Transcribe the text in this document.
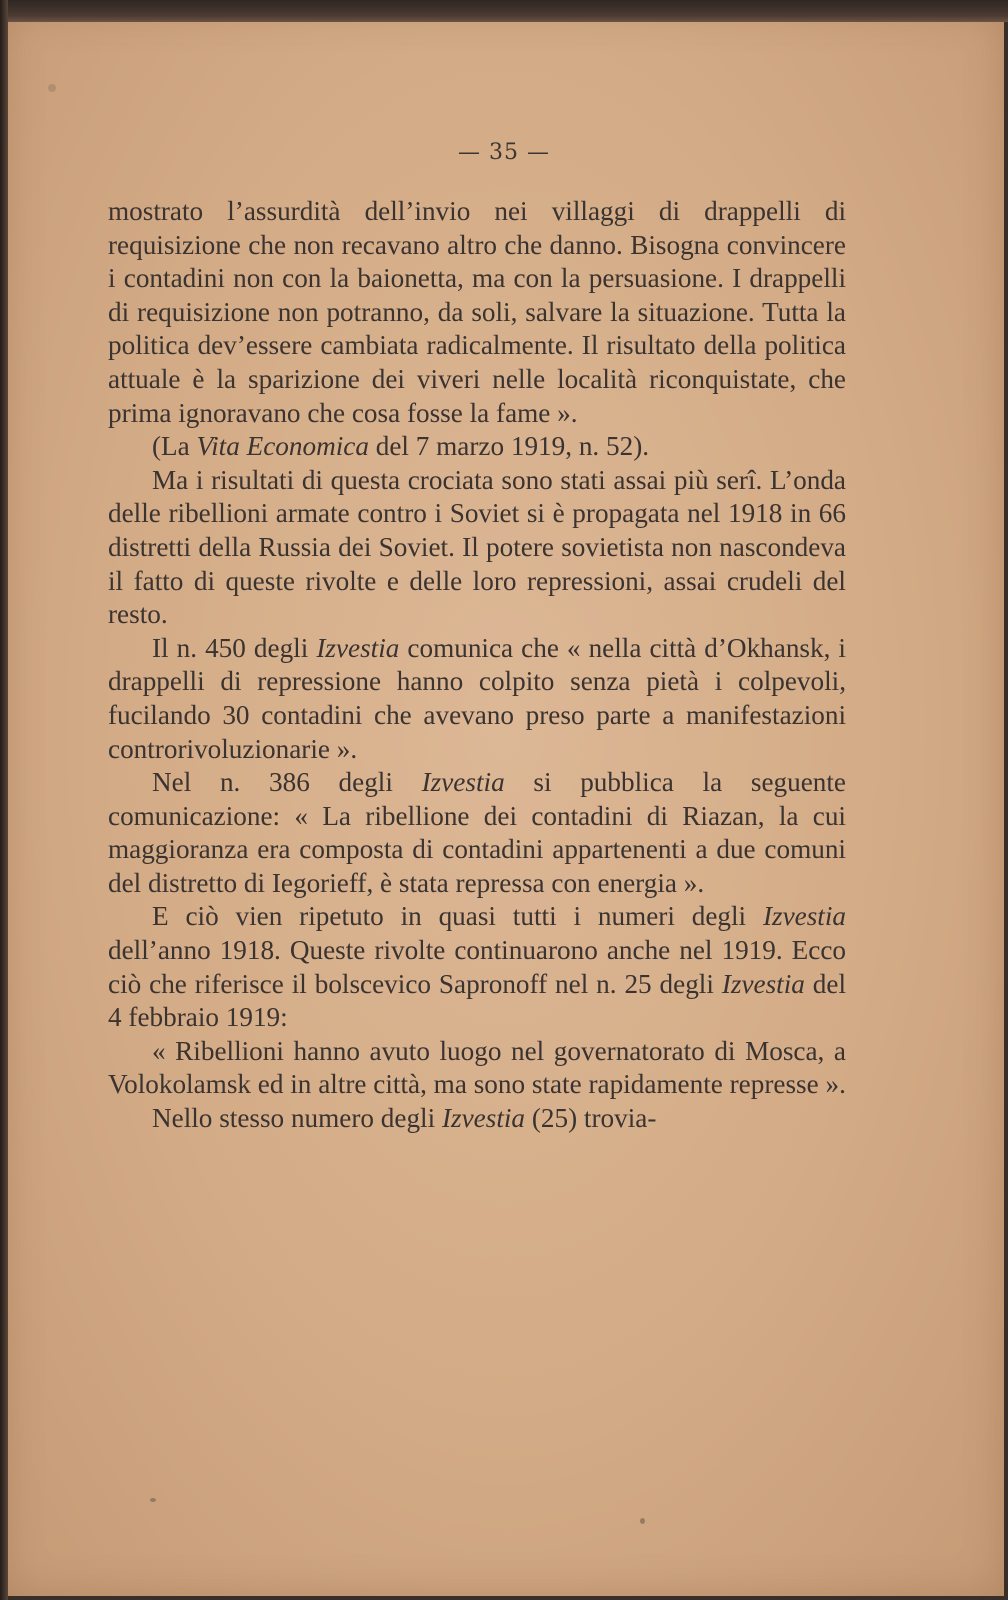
— 35 —

mostrato l’assurdità dell’invio nei villaggi di drappelli di requisizione che non recavano altro che danno. Bisogna convincere i contadini non con la baionetta, ma con la persuasione. I drappelli di requisizione non potranno, da soli, salvare la situazione. Tutta la politica dev’essere cambiata radicalmente. Il risultato della politica attuale è la sparizione dei viveri nelle località riconquistate, che prima ignoravano che cosa fosse la fame ».

(La Vita Economica del 7 marzo 1919, n. 52).

Ma i risultati di questa crociata sono stati assai più serî. L’onda delle ribellioni armate contro i Soviet si è propagata nel 1918 in 66 distretti della Russia dei Soviet. Il potere sovietista non nascondeva il fatto di queste rivolte e delle loro repressioni, assai crudeli del resto.

Il n. 450 degli Izvestia comunica che « nella città d’Okhansk, i drappelli di repressione hanno colpito senza pietà i colpevoli, fucilando 30 contadini che avevano preso parte a manifestazioni controrivoluzionarie ».

Nel n. 386 degli Izvestia si pubblica la seguente comunicazione: « La ribellione dei contadini di Riazan, la cui maggioranza era composta di contadini appartenenti a due comuni del distretto di Iegorieff, è stata repressa con energia ».

E ciò vien ripetuto in quasi tutti i numeri degli Izvestia dell’anno 1918. Queste rivolte continuarono anche nel 1919. Ecco ciò che riferisce il bolscevico Sapronoff nel n. 25 degli Izvestia del 4 febbraio 1919:

« Ribellioni hanno avuto luogo nel governatorato di Mosca, a Volokolamsk ed in altre città, ma sono state rapidamente represse ».

Nello stesso numero degli Izvestia (25) trovia-
